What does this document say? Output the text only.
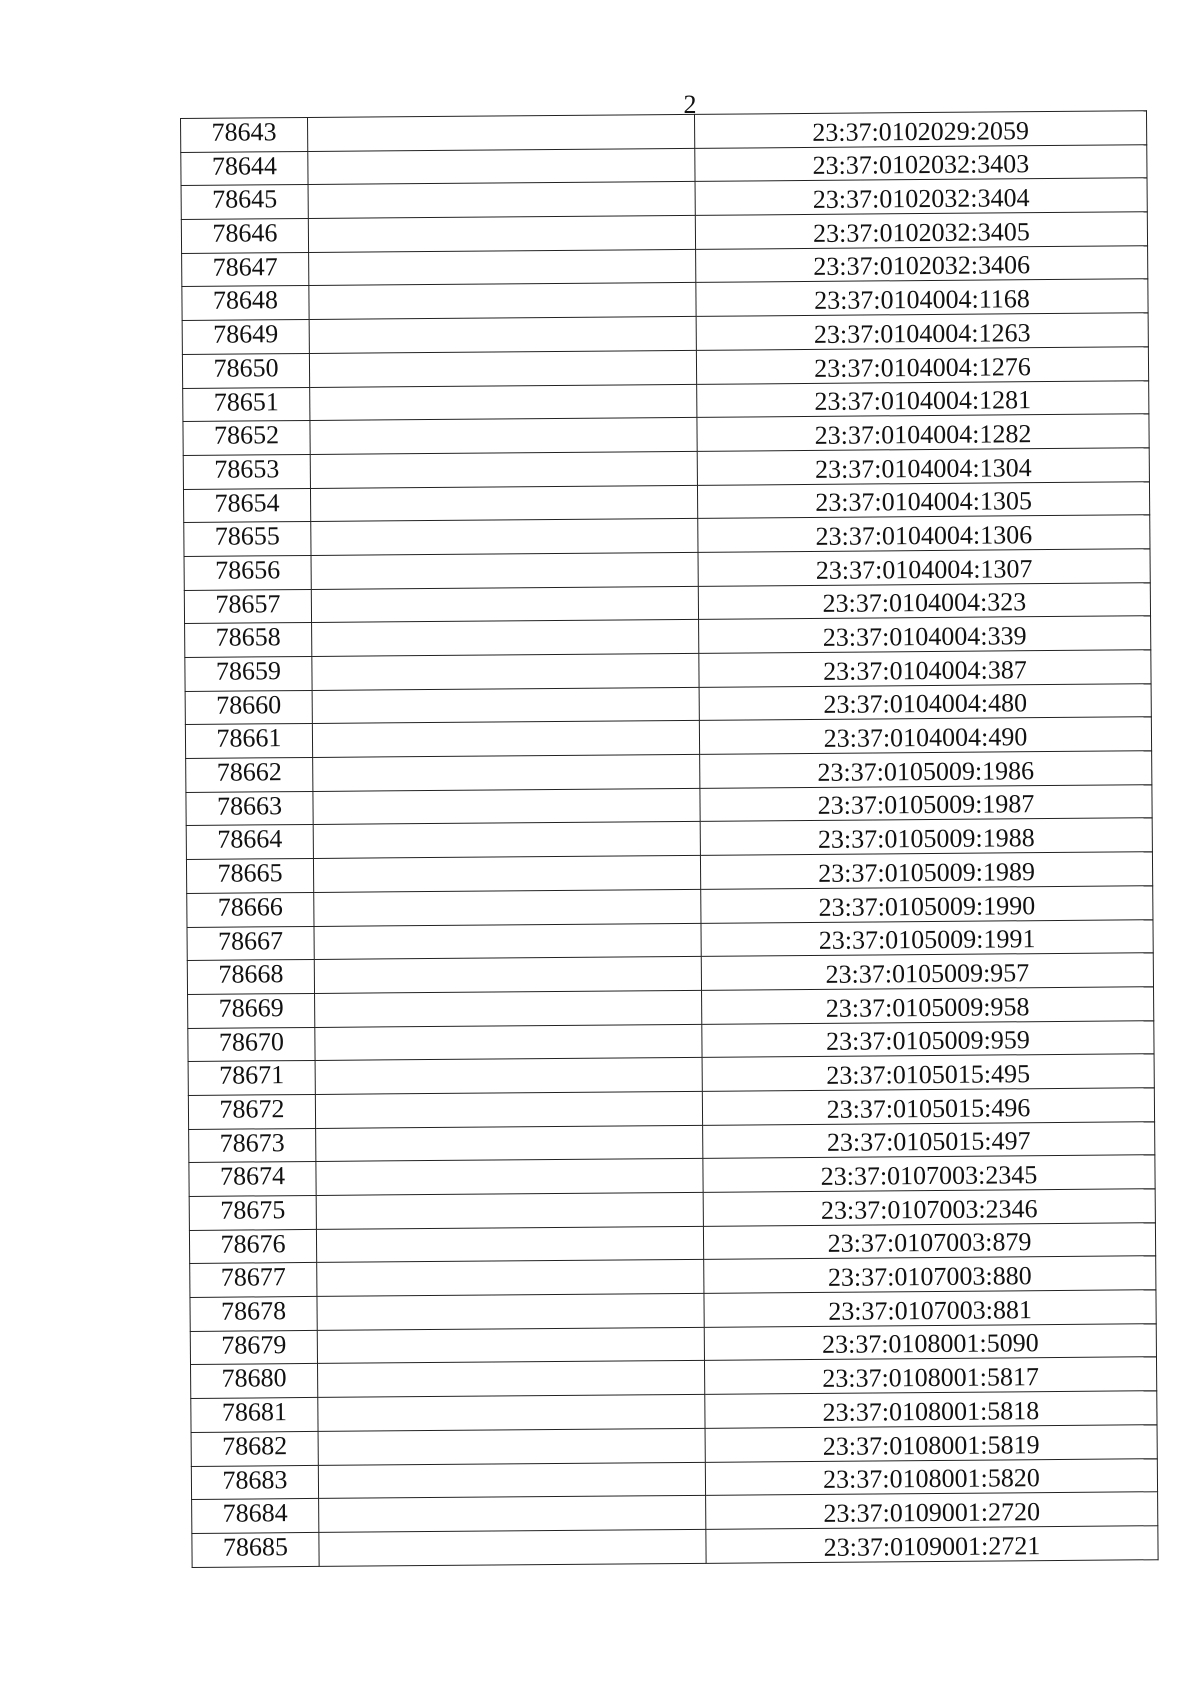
2
78643		23:37:0102029:2059
78644		23:37:0102032:3403
78645		23:37:0102032:3404
78646		23:37:0102032:3405
78647		23:37:0102032:3406
78648		23:37:0104004:1168
78649		23:37:0104004:1263
78650		23:37:0104004:1276
78651		23:37:0104004:1281
78652		23:37:0104004:1282
78653		23:37:0104004:1304
78654		23:37:0104004:1305
78655		23:37:0104004:1306
78656		23:37:0104004:1307
78657		23:37:0104004:323
78658		23:37:0104004:339
78659		23:37:0104004:387
78660		23:37:0104004:480
78661		23:37:0104004:490
78662		23:37:0105009:1986
78663		23:37:0105009:1987
78664		23:37:0105009:1988
78665		23:37:0105009:1989
78666		23:37:0105009:1990
78667		23:37:0105009:1991
78668		23:37:0105009:957
78669		23:37:0105009:958
78670		23:37:0105009:959
78671		23:37:0105015:495
78672		23:37:0105015:496
78673		23:37:0105015:497
78674		23:37:0107003:2345
78675		23:37:0107003:2346
78676		23:37:0107003:879
78677		23:37:0107003:880
78678		23:37:0107003:881
78679		23:37:0108001:5090
78680		23:37:0108001:5817
78681		23:37:0108001:5818
78682		23:37:0108001:5819
78683		23:37:0108001:5820
78684		23:37:0109001:2720
78685		23:37:0109001:2721
